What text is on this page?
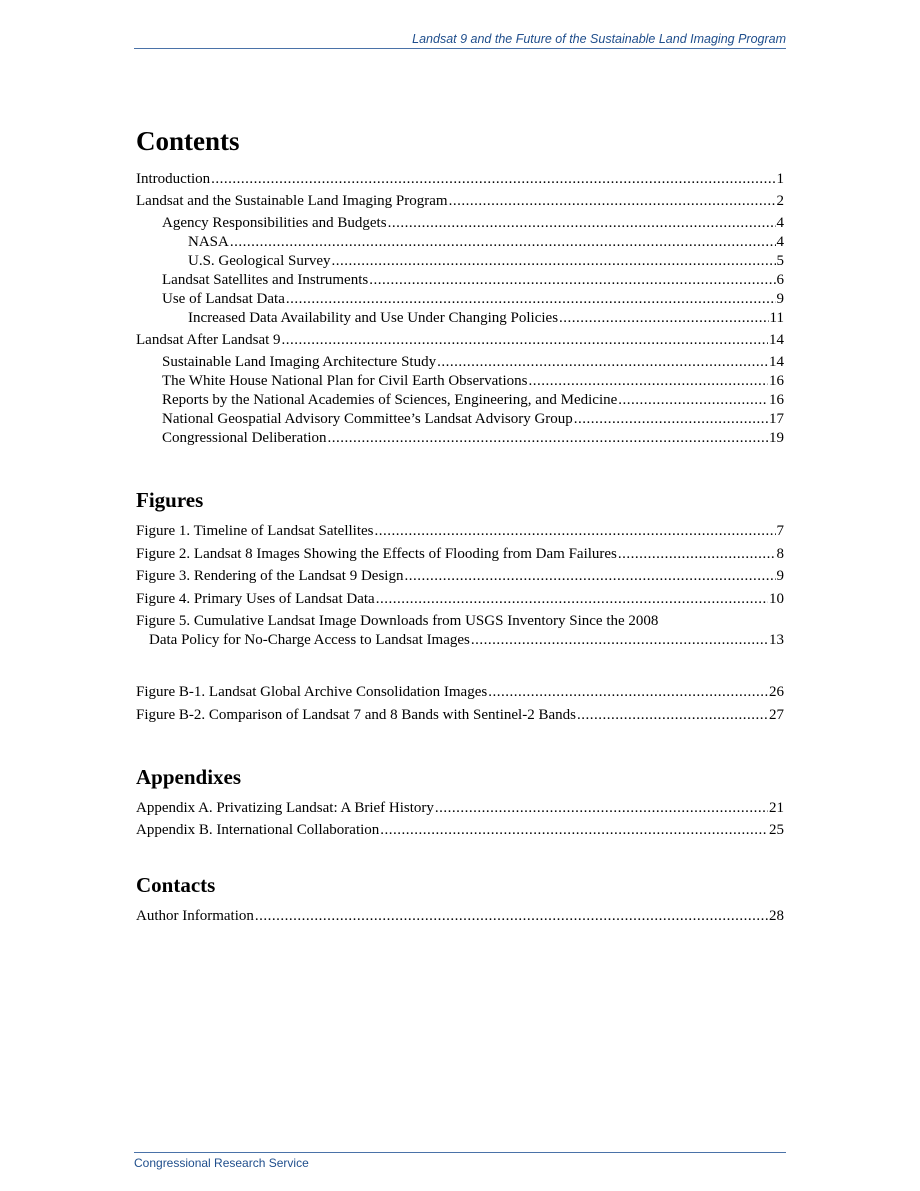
Landsat 9 and the Future of the Sustainable Land Imaging Program
Contents
Introduction .....	1
Landsat and the Sustainable Land Imaging Program .....	2
Agency Responsibilities and Budgets .....	4
NASA .....	4
U.S. Geological Survey .....	5
Landsat Satellites and Instruments .....	6
Use of Landsat Data .....	9
Increased Data Availability and Use Under Changing Policies .....	11
Landsat After Landsat 9 .....	14
Sustainable Land Imaging Architecture Study .....	14
The White House National Plan for Civil Earth Observations .....	16
Reports by the National Academies of Sciences, Engineering, and Medicine .....	16
National Geospatial Advisory Committee’s Landsat Advisory Group .....	17
Congressional Deliberation .....	19
Figures
Figure 1. Timeline of Landsat Satellites .....	7
Figure 2. Landsat 8 Images Showing the Effects of Flooding from Dam Failures .....	8
Figure 3. Rendering of the Landsat 9 Design .....	9
Figure 4. Primary Uses of Landsat Data .....	10
Figure 5. Cumulative Landsat Image Downloads from USGS Inventory Since the 2008
Data Policy for No-Charge Access to Landsat Images .....	13
Figure B-1. Landsat Global Archive Consolidation Images .....	26
Figure B-2. Comparison of Landsat 7 and 8 Bands with Sentinel-2 Bands .....	27
Appendixes
Appendix A. Privatizing Landsat: A Brief History .....	21
Appendix B. International Collaboration .....	25
Contacts
Author Information .....	28
Congressional Research Service
